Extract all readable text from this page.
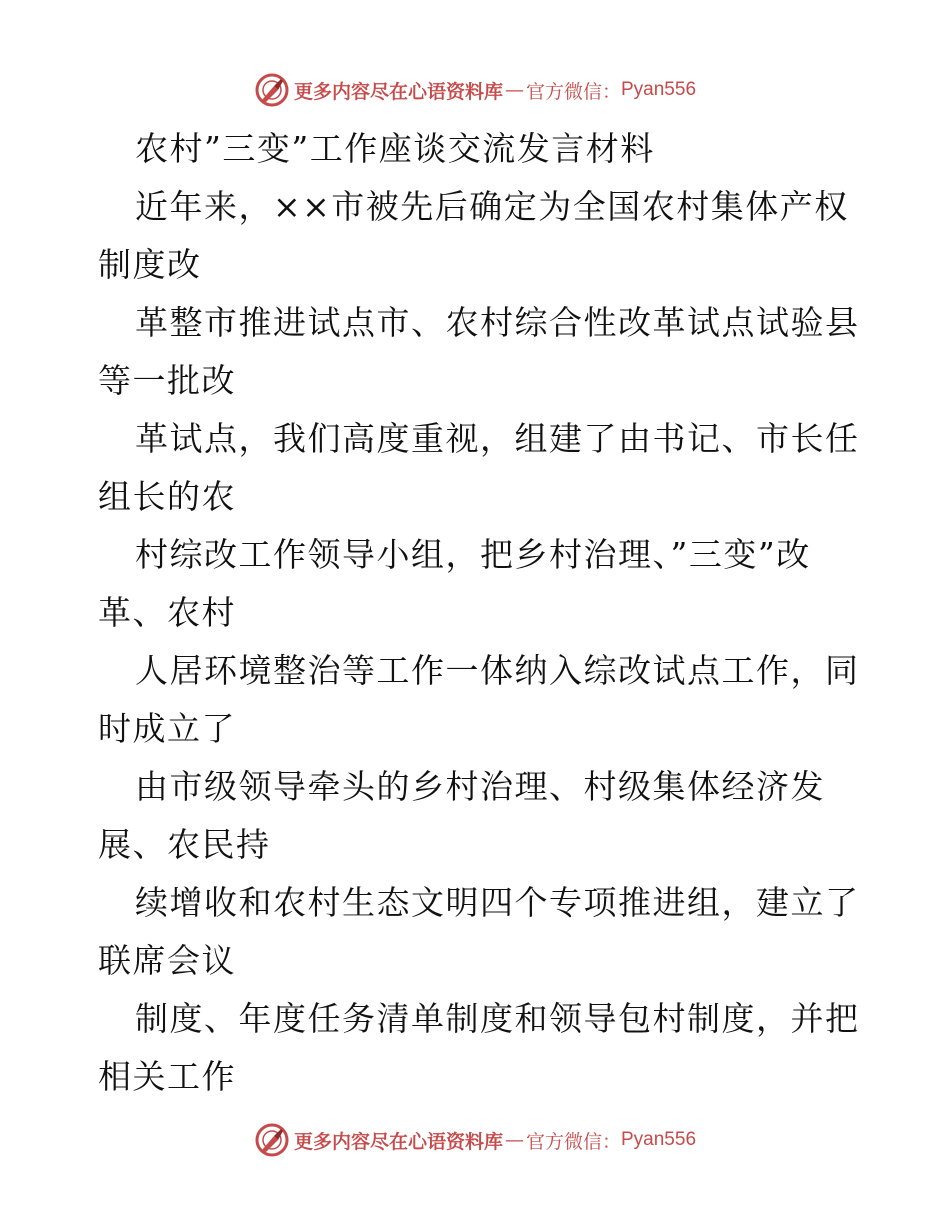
更多内容尽在心语资料库 — 官方微信： Pyan556
农村”三变”工作座谈交流发言材料
近年来，××市被先后确定为全国农村集体产权
制度改
革整市推进试点市、农村综合性改革试点试验县
等一批改
革试点，我们高度重视，组建了由书记、市长任
组长的农
村综改工作领导小组，把乡村治理、”三变”改
革、农村
人居环境整治等工作一体纳入综改试点工作，同
时成立了
由市级领导牵头的乡村治理、村级集体经济发
展、农民持
续增收和农村生态文明四个专项推进组，建立了
联席会议
制度、年度任务清单制度和领导包村制度，并把
相关工作
更多内容尽在心语资料库 — 官方微信： Pyan556
